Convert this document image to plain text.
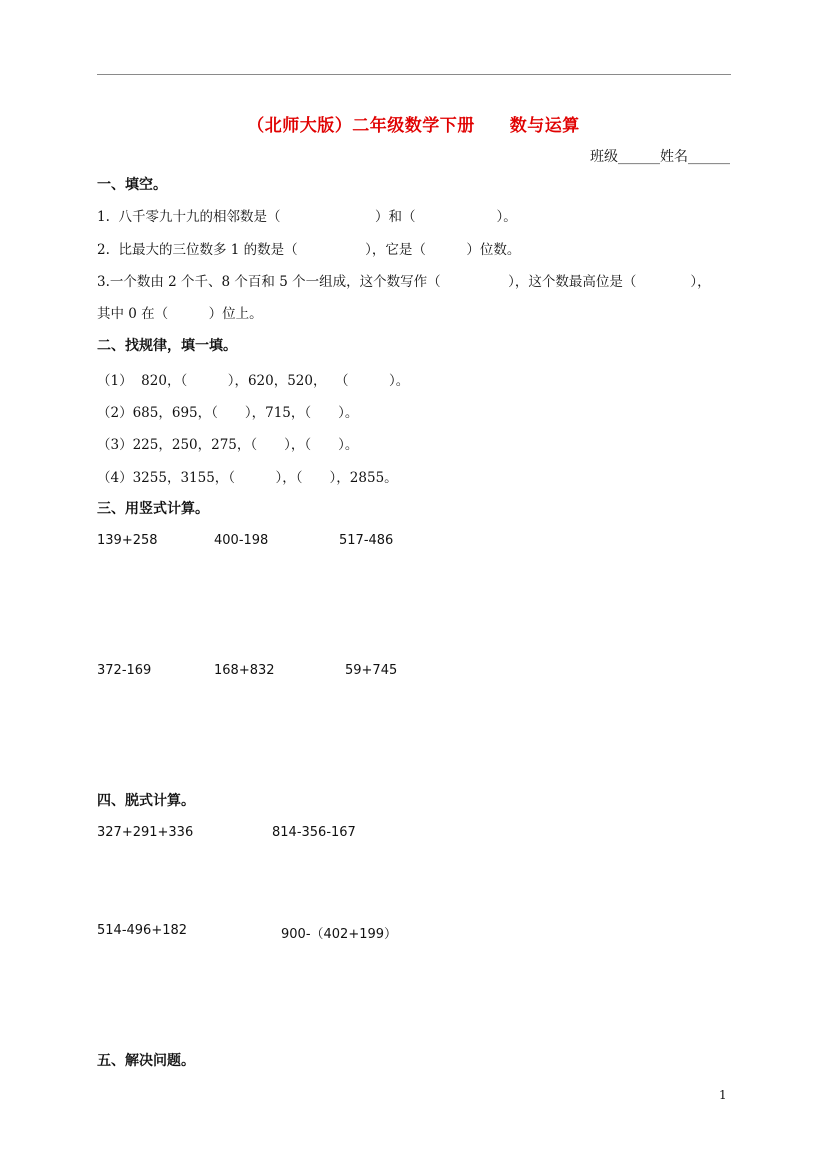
（北师大版）二年级数学下册　　数与运算
班级______姓名______
一、填空。
1.  八千零九十九的相邻数是（　　　　　　　）和（　　　　　　）。
2.  比最大的三位数多 1 的数是（　　　　　），它是（　　　）位数。
3.一个数由 2 个千、8 个百和 5 个一组成，这个数写作（　　　　　），这个数最高位是（　　　　），
其中 0 在（　　　）位上。
二、找规律，填一填。
（1）  820，（　　　），620，520，  （　　　）。
（2）685，695，（　　），715，（　　）。
（3）225，250，275，（　　），（　　）。
（4）3255，3155，（　　　），（　　），2855。
三、用竖式计算。
139+258	400-198	517-486
372-169	168+832	59+745
四、脱式计算。
327+291+336	814-356-167
514-496+182	900-（402+199）
五、解决问题。
1
